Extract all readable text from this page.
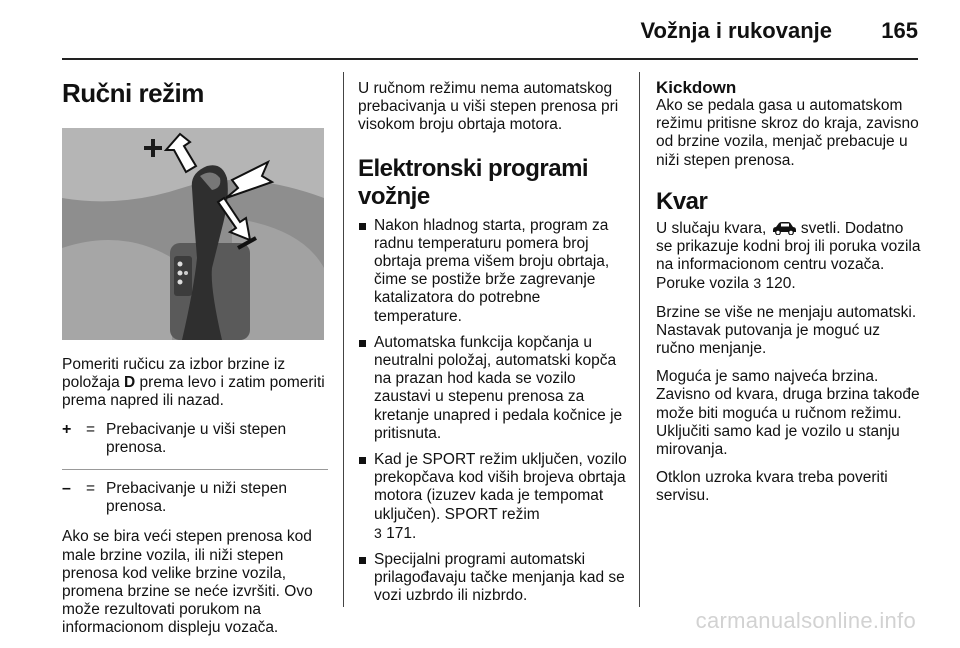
Vožnja i rukovanje 165
Ručni režim

Pomeriti ručicu za izbor brzine iz položaja D prema levo i zatim pomeriti prema napred ili nazad.

+ = Prebacivanje u viši stepen prenosa.
– = Prebacivanje u niži stepen prenosa.

Ako se bira veći stepen prenosa kod male brzine vozila, ili niži stepen prenosa kod velike brzine vozila, promena brzine se neće izvršiti. Ovo može rezultovati porukom na informacionom displeju vozača.

U ručnom režimu nema automatskog prebacivanja u viši stepen prenosa pri visokom broju obrtaja motora.

Elektronski programi
vožnje
Nakon hladnog starta, program za radnu temperaturu pomera broj obrtaja prema višem broju obrtaja, čime se postiže brže zagrevanje katalizatora do potrebne temperature.
Automatska funkcija kopčanja u neutralni položaj, automatski kopča na prazan hod kada se vozilo zaustavi u stepenu prenosa za kretanje unapred i pedala kočnice je pritisnuta.
Kad je SPORT režim uključen, vozilo prekopčava kod viših brojeva obrtaja motora (izuzev kada je tempomat uključen). SPORT režim
3 171.
Specijalni programi automatski prilagođavaju tačke menjanja kad se vozi uzbrdo ili nizbrdo.
Kickdown

Ako se pedala gasa u automatskom režimu pritisne skroz do kraja, zavisno od brzine vozila, menjač prebacuje u niži stepen prenosa.

Kvar

U slučaju kvara, svetli. Dodatno se prikazuje kodni broj ili poruka vozila na informacionom centru vozača. Poruke vozila 3 120.

Brzine se više ne menjaju automatski. Nastavak putovanja je moguć uz ručno menjanje.

Moguća je samo najveća brzina. Zavisno od kvara, druga brzina takođe može biti moguća u ručnom režimu. Uključiti samo kad je vozilo u stanju mirovanja.

Otklon uzroka kvara treba poveriti servisu.

carmanualsonline.info
